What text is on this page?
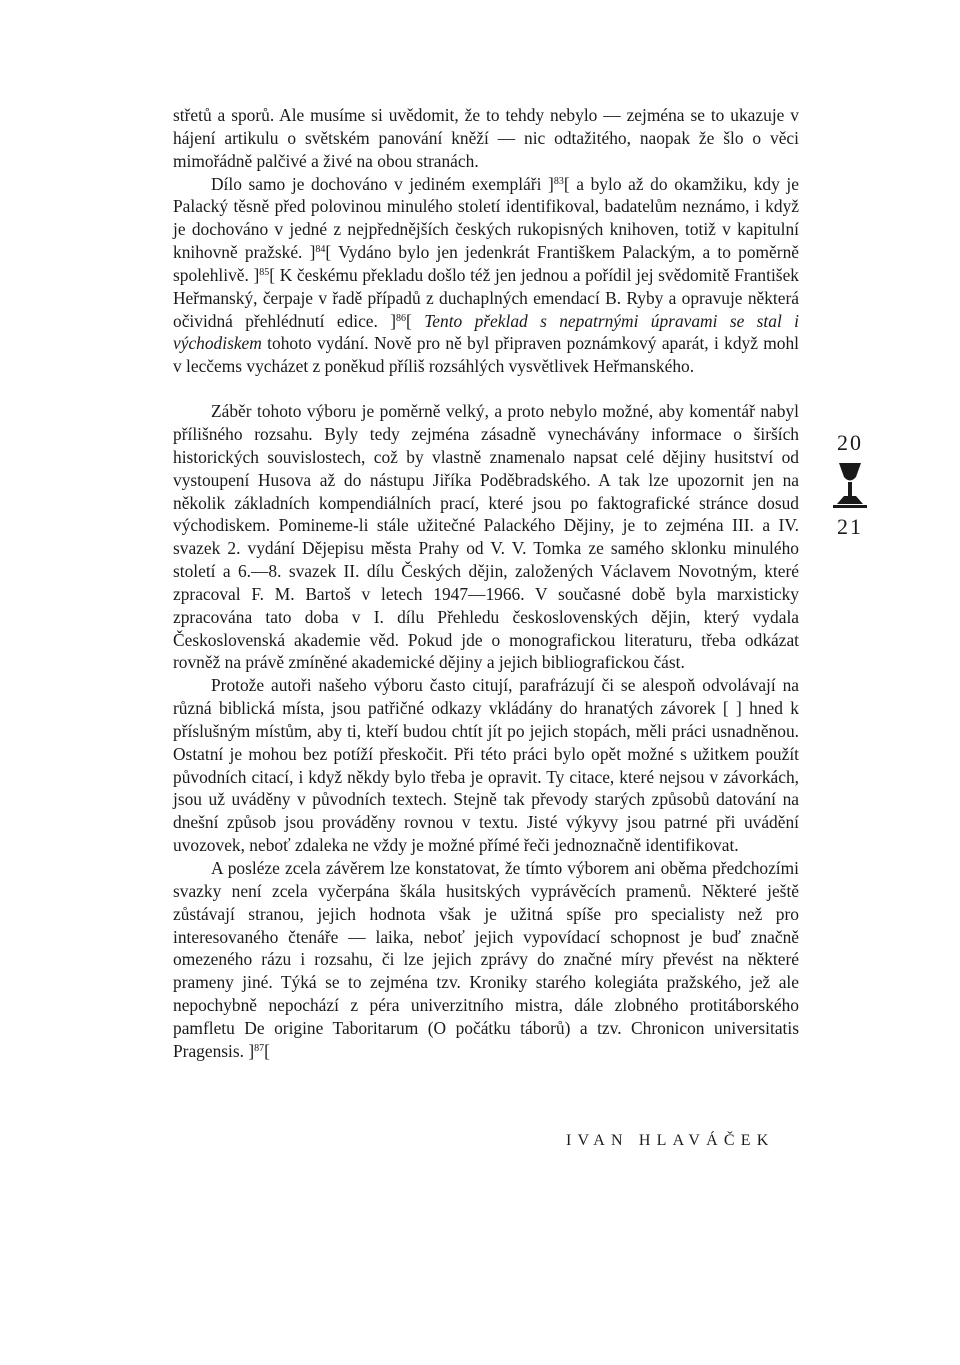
střetů a sporů. Ale musíme si uvědomit, že to tehdy nebylo — zejména se to ukazuje v hájení artikulu o světském panování kněží — nic odtažitého, naopak že šlo o věci mimořádně palčivé a živé na obou stranách.

Dílo samo je dochováno v jediném exempláři ]$^{83}$[ a bylo až do okamžiku, kdy je Palacký těsně před polovinou minulého století identifikoval, badatelům neznámo, i když je dochováno v jedné z nejpřednějších českých rukopisných knihoven, totiž v kapitulní knihovně pražské. ]$^{84}$[ Vydáno bylo jen jedenkrát Františkem Palackým, a to poměrně spolehlivě. ]$^{85}$[ K českému překladu došlo též jen jednou a pořídil jej svědomitě František Heřmanský, čerpaje v řadě případů z duchaplných emendací B. Ryby a opravuje některá očividná přehlédnutí edice. ]$^{86}$[ Tento překlad s nepatrnými úpravami se stal i východiskem tohoto vydání. Nově pro ně byl připraven poznámkový aparát, i když mohl v lecčems vycházet z poněkud příliš rozsáhlých vysvětlivek Heřmanského.

Záběr tohoto výboru je poměrně velký, a proto nebylo možné, aby komentář nabyl přílišného rozsahu. Byly tedy zejména zásadně vynechávány informace o širších historických souvislostech, což by vlastně znamenalo napsat celé dějiny husitství od vystoupení Husova až do nástupu Jiříka Poděbradského. A tak lze upozornit jen na několik základních kompendiálních prací, které jsou po faktografické stránce dosud východiskem. Pomineme-li stále užitečné Palackého Dějiny, je to zejména III. a IV. svazek 2. vydání Dějepisu města Prahy od V. V. Tomka ze samého sklonku minulého století a 6.—8. svazek II. dílu Českých dějin, založených Václavem Novotným, které zpracoval F. M. Bartoš v letech 1947—1966. V současné době byla marxisticky zpracována tato doba v I. dílu Přehledu československých dějin, který vydala Československá akademie věd. Pokud jde o monografickou literaturu, třeba odkázat rovněž na právě zmíněné akademické dějiny a jejich bibliografickou část.

Protože autoři našeho výboru často citují, parafrázují či se alespoň odvolávají na různá biblická místa, jsou patřičné odkazy vkládány do hranatých závorek [ ] hned k příslušným místům, aby ti, kteří budou chtít jít po jejich stopách, měli práci usnadněnou. Ostatní je mohou bez potíží přeskočit. Při této práci bylo opět možné s užitkem použít původních citací, i když někdy bylo třeba je opravit. Ty citace, které nejsou v závorkách, jsou už uváděny v původních textech. Stejně tak převody starých způsobů datování na dnešní způsob jsou prováděny rovnou v textu. Jisté výkyvy jsou patrné při uvádění uvozovek, neboť zdaleka ne vždy je možné přímé řeči jednoznačně identifikovat.

A posléze zcela závěrem lze konstatovat, že tímto výborem ani oběma předchozími svazky není zcela vyčerpána škála husitských vyprávěcích pramenů. Některé ještě zůstávají stranou, jejich hodnota však je užitná spíše pro specialisty než pro interesovaného čtenáře — laika, neboť jejich vypovídací schopnost je buď značně omezeného rázu i rozsahu, či lze jejich zprávy do značné míry převést na některé prameny jiné. Týká se to zejména tzv. Kroniky starého kolegiáta pražského, jež ale nepochybně nepochází z péra univerzitního mistra, dále zlobného protitáborského pamfletu De origine Taboritarum (O počátku táborů) a tzv. Chronicon universitatis Pragensis. ]$^{87}$[

IVAN HLAVÁČEK
20
21
